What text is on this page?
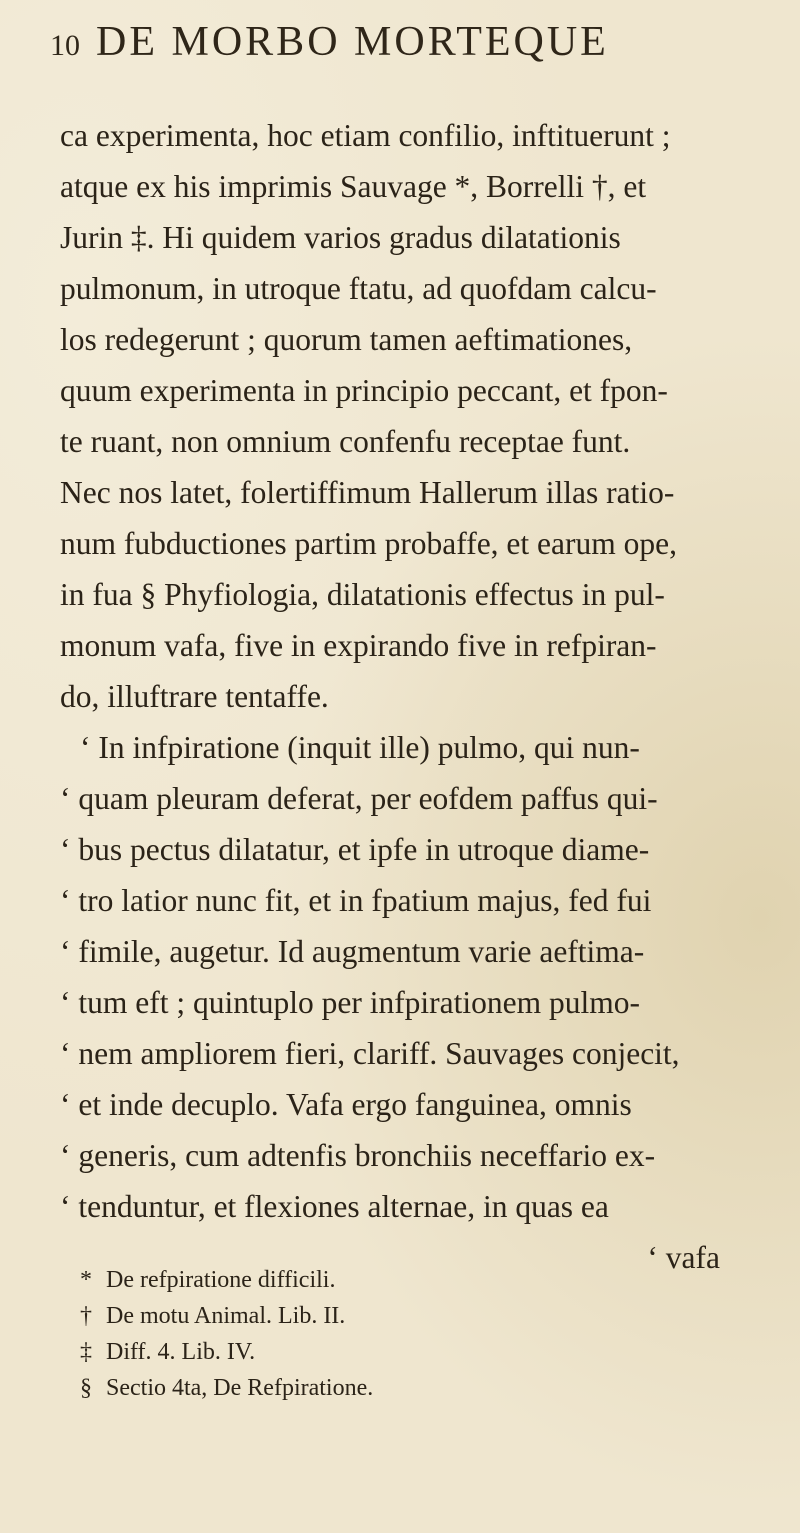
10 DE MORBO MORTEQUE
ca experimenta, hoc etiam confilio, inftituerunt ;
atque ex his imprimis Sauvage *, Borrelli †, et
Jurin ‡. Hi quidem varios gradus dilatationis
pulmonum, in utroque ftatu, ad quofdam calcu-
los redegerunt ; quorum tamen aeftimationes,
quum experimenta in principio peccant, et fpon-
te ruant, non omnium confenfu receptae funt.
Nec nos latet, folertiffimum Hallerum illas ratio-
num fubductiones partim probaffe, et earum ope,
in fua § Phyfiologia, dilatationis effectus in pul-
monum vafa, five in expirando five in refpiran-
do, illuftrare tentaffe.
‘ In infpiratione (inquit ille) pulmo, qui nun-
‘ quam pleuram deferat, per eofdem paffus qui-
‘ bus pectus dilatatur, et ipfe in utroque diame-
‘ tro latior nunc fit, et in fpatium majus, fed fui
‘ fimile, augetur. Id augmentum varie aeftima-
‘ tum eft ; quintuplo per infpirationem pulmo-
‘ nem ampliorem fieri, clariff. Sauvages conjecit,
‘ et inde decuplo. Vafa ergo fanguinea, omnis
‘ generis, cum adtenfis bronchiis neceffario ex-
‘ tenduntur, et flexiones alternae, in quas ea
‘ vafa
* De refpiratione difficili.
† De motu Animal. Lib. II.
‡ Diff. 4. Lib. IV.
§ Sectio 4ta, De Refpiratione.
